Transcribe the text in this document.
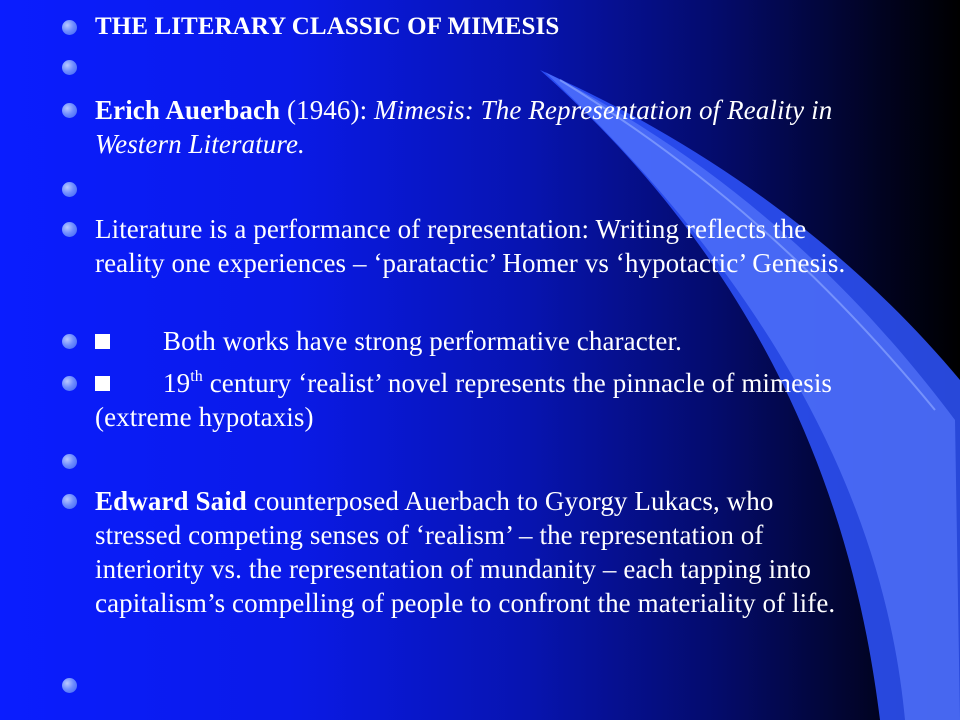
THE LITERARY CLASSIC OF MIMESIS
Erich Auerbach (1946): Mimesis: The Representation of Reality in Western Literature.
Literature is a performance of representation: Writing reflects the reality one experiences – ‘paratactic’ Homer vs ‘hypotactic’ Genesis.
Both works have strong performative character.
19th century ‘realist’ novel represents the pinnacle of mimesis (extreme hypotaxis)
Edward Said counterposed Auerbach to Gyorgy Lukacs, who stressed competing senses of ‘realism’ – the representation of interiority vs. the representation of mundanity – each tapping into capitalism’s compelling of people to confront the materiality of life.
